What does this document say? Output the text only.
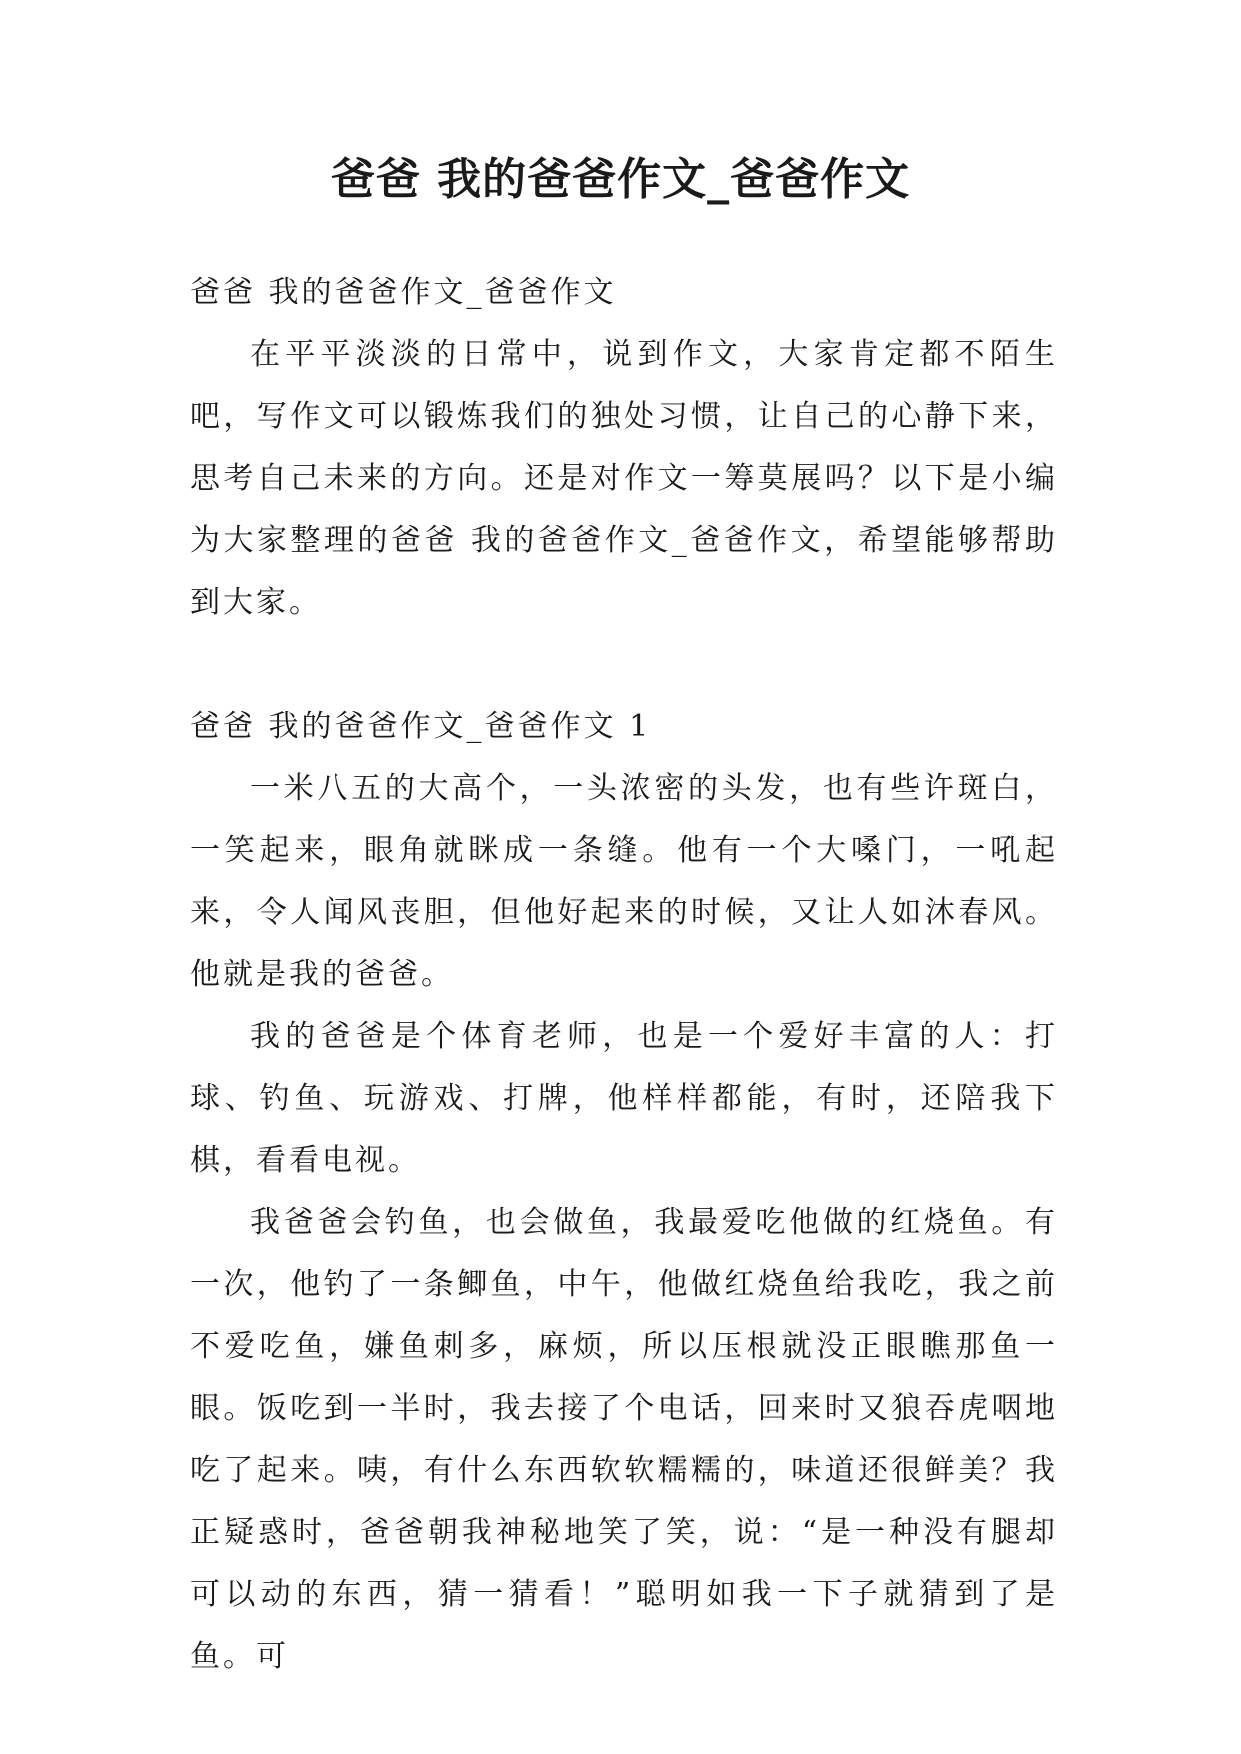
爸爸 我的爸爸作文_爸爸作文

爸爸 我的爸爸作文_爸爸作文

在平平淡淡的日常中，说到作文，大家肯定都不陌生吧，写作文可以锻炼我们的独处习惯，让自己的心静下来，思考自己未来的方向。还是对作文一筹莫展吗？以下是小编为大家整理的爸爸 我的爸爸作文_爸爸作文，希望能够帮助到大家。

爸爸 我的爸爸作文_爸爸作文 1

一米八五的大高个，一头浓密的头发，也有些许斑白，一笑起来，眼角就眯成一条缝。他有一个大嗓门，一吼起来，令人闻风丧胆，但他好起来的时候，又让人如沐春风。他就是我的爸爸。

我的爸爸是个体育老师，也是一个爱好丰富的人：打球、钓鱼、玩游戏、打牌，他样样都能，有时，还陪我下棋，看看电视。

我爸爸会钓鱼，也会做鱼，我最爱吃他做的红烧鱼。有一次，他钓了一条鲫鱼，中午，他做红烧鱼给我吃，我之前不爱吃鱼，嫌鱼刺多，麻烦，所以压根就没正眼瞧那鱼一眼。饭吃到一半时，我去接了个电话，回来时又狼吞虎咽地吃了起来。咦，有什么东西软软糯糯的，味道还很鲜美？我正疑惑时，爸爸朝我神秘地笑了笑，说：“是一种没有腿却可以动的东西，猜一猜看！”聪明如我一下子就猜到了是鱼。可
